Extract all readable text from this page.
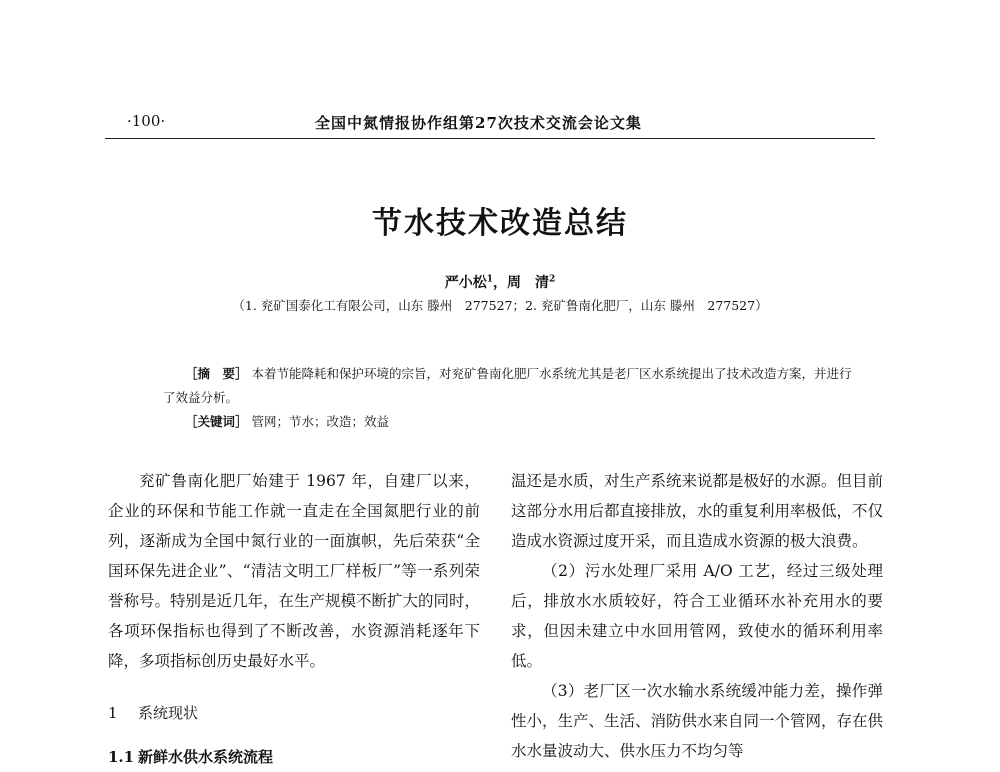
·100·	全国中氮情报协作组第27次技术交流会论文集
节水技术改造总结
严小松$^1$，周　清$^2$
（1. 兖矿国泰化工有限公司，山东 滕州　277527；2. 兖矿鲁南化肥厂，山东 滕州　277527）

［摘　要］ 本着节能降耗和保护环境的宗旨，对兖矿鲁南化肥厂水系统尤其是老厂区水系统提出了技术改造方案，并进行了效益分析。

［关键词］ 管网；节水；改造；效益

兖矿鲁南化肥厂始建于 1967 年，自建厂以来，企业的环保和节能工作就一直走在全国氮肥行业的前列，逐渐成为全国中氮行业的一面旗帜，先后荣获“全国环保先进企业”、“清洁文明工厂样板厂”等一系列荣誉称号。特别是近几年，在生产规模不断扩大的同时，各项环保指标也得到了不断改善，水资源消耗逐年下降，多项指标创历史最好水平。

1 系统现状

1.1 新鲜水供水系统流程

温还是水质，对生产系统来说都是极好的水源。但目前这部分水用后都直接排放，水的重复利用率极低，不仅造成水资源过度开采，而且造成水资源的极大浪费。

（2）污水处理厂采用 A/O 工艺，经过三级处理后，排放水水质较好，符合工业循环水补充用水的要求，但因未建立中水回用管网，致使水的循环利用率低。

（3）老厂区一次水输水系统缓冲能力差，操作弹性小，生产、生活、消防供水来自同一个管网，存在供水水量波动大、供水压力不均匀等
